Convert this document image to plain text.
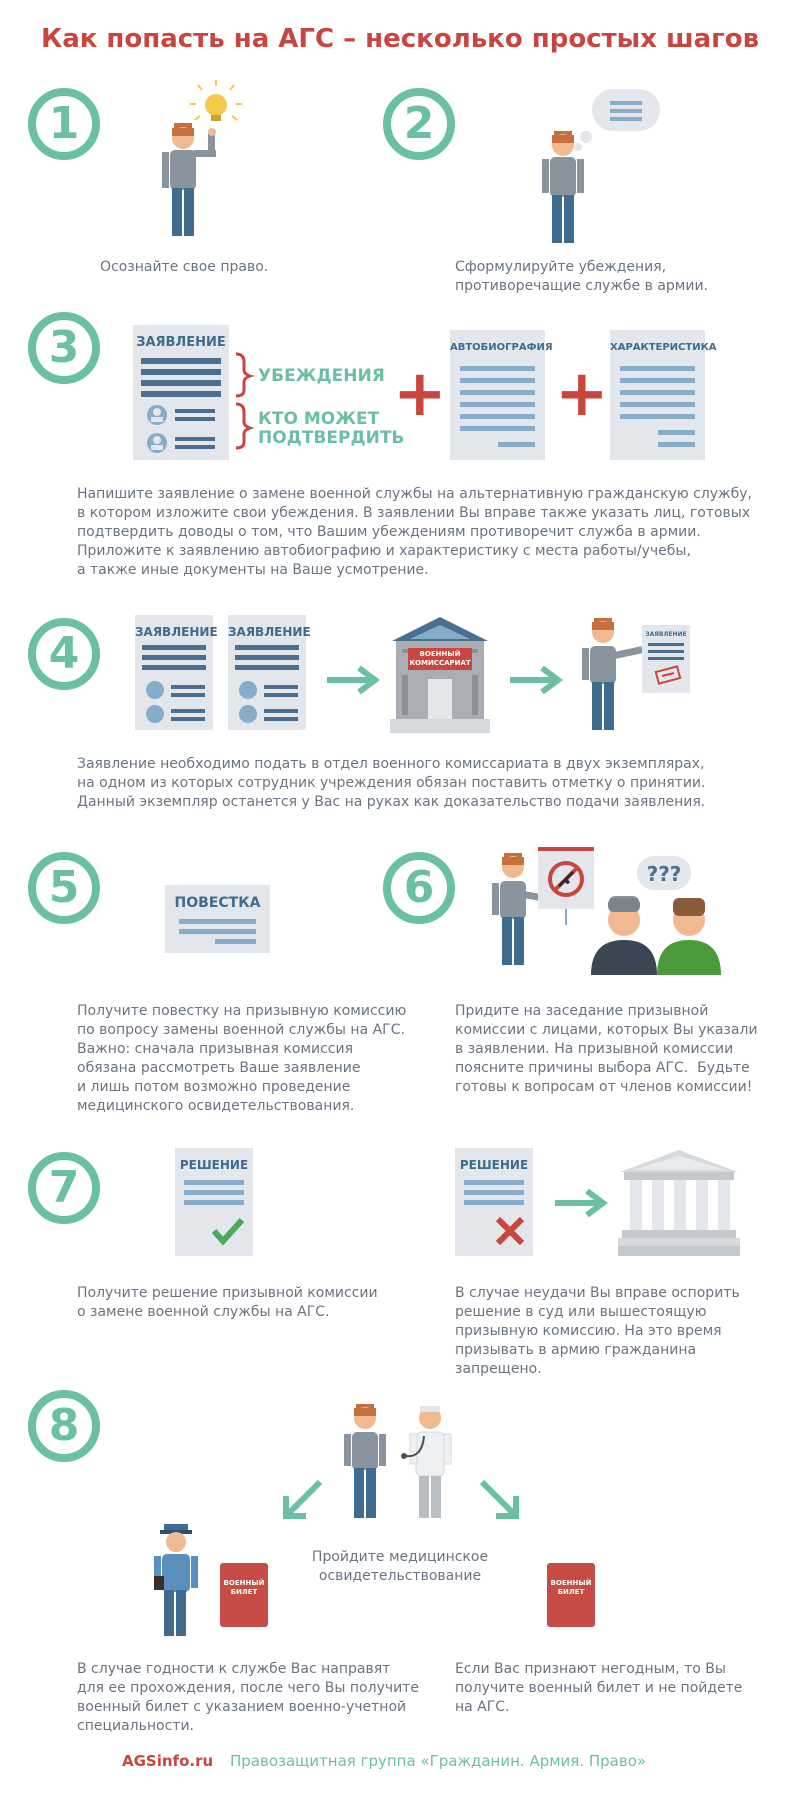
Как попасть на АГС – несколько простых шагов
1
Осознайте свое право.
2
Сформулируйте убеждения,
противоречащие службе в армии.
3	ЗАЯВЛЕНИЕ
УБЕЖДЕНИЯ
КТО МОЖЕТ
ПОДТВЕРДИТЬ
+
АВТОБИОГРАФИЯ
+
ХАРАКТЕРИСТИКА
Напишите заявление о замене военной службы на альтернативную гражданскую службу,
в котором изложите свои убеждения. В заявлении Вы вправе также указать лиц, готовых
подтвердить доводы о том, что Вашим убеждениям противоречит служба в армии.
Приложите к заявлению автобиографию и характеристику с места работы/учебы,
а также иные документы на Ваше усмотрение.
4	ЗАЯВЛЕНИЕ ЗАЯВЛЕНИЕ
ВОЕННЫЙ
КОМИССАРИАТ
ЗАЯВЛЕНИЕ
Заявление необходимо подать в отдел военного комиссариата в двух экземплярах,
на одном из которых сотрудник учреждения обязан поставить отметку о принятии.
Данный экземпляр останется у Вас на руках как доказательство подачи заявления.
5	ПОВЕСТКА
Получите повестку на призывную комиссию
по вопросу замены военной службы на АГС.
Важно: сначала призывная комиссия
обязана рассмотреть Ваше заявление
и лишь потом возможно проведение
медицинского освидетельствования.
6	???
Придите на заседание призывной
комиссии с лицами, которых Вы указали
в заявлении. На призывной комиссии
поясните причины выбора АГС.  Будьте
готовы к вопросам от членов комиссии!
7	РЕШЕНИЕ
Получите решение призывной комиссии
о замене военной службы на АГС.
РЕШЕНИЕ
В случае неудачи Вы вправе оспорить
решение в суд или вышестоящую
призывную комиссию. На это время
призывать в армию гражданина
запрещено.
8
Пройдите медицинское
освидетельствование
ВОЕННЫЙ
БИЛЕТ
ВОЕННЫЙ
БИЛЕТ
В случае годности к службе Вас направят
для ее прохождения, после чего Вы получите
военный билет с указанием военно-учетной
специальности.
Если Вас признают негодным, то Вы
получите военный билет и не пойдете
на АГС.
AGSinfo.ru Правозащитная группа «Гражданин. Армия. Право»
